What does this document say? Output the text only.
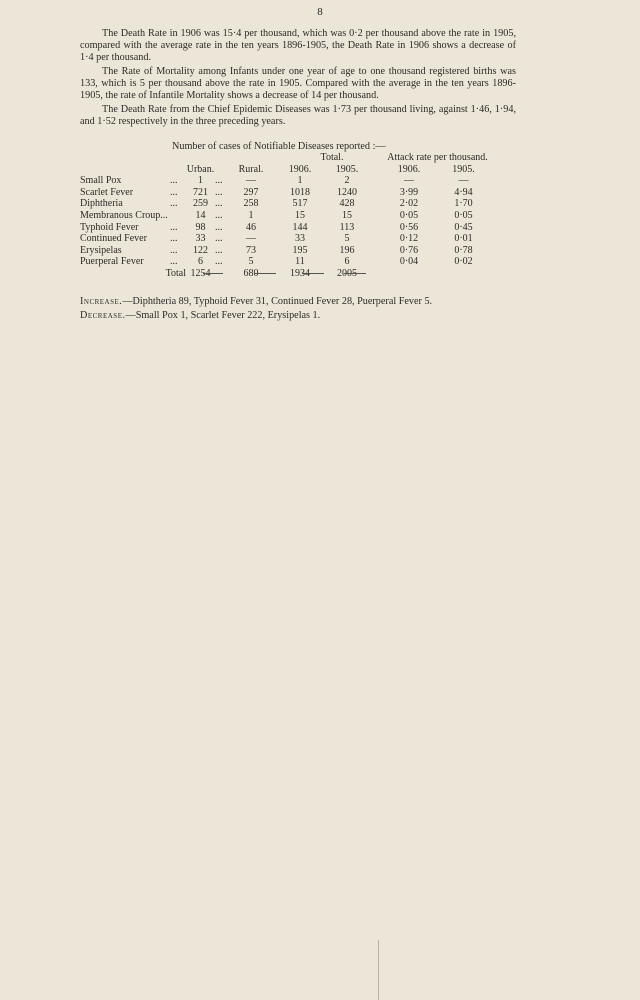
8

The Death Rate in 1906 was 15·4 per thousand, which was 0·2 per thousand above the rate in 1905, compared with the average rate in the ten years 1896-1905, the Death Rate in 1906 shows a decrease of 1·4 per thousand.

The Rate of Mortality among Infants under one year of age to one thousand registered births was 133, which is 5 per thousand above the rate in 1905. Compared with the average in the ten years 1896-1905, the rate of Infantile Mortality shows a decrease of 14 per thousand.

The Death Rate from the Chief Epidemic Diseases was 1·73 per thousand living, against 1·46, 1·94, and 1·52 respectively in the three preceding years.

Number of cases of Notifiable Diseases reported :—
						Total.			Attack rate per thousand.	
		Urban.		Rural.		1906.	1905.		1906.	1905.
Small Pox	...	1	...	—		1	2		—	—
Scarlet Fever	...	721	...	297		1018	1240		3·99	4·94
Diphtheria	...	259	...	258		517	428		2·02	1·70
Membranous Croup...		14	...	1		15	15		0·05	0·05
Typhoid Fever	...	98	...	46		144	113		0·56	0·45
Continued Fever	...	33	...	—		33	5		0·12	0·01
Erysipelas	...	122	...	73		195	196		0·76	0·78
Puerperal Fever	...	6	...	5		11	6		0·04	0·02
Total		1254		680		1934	2005			
Increase.—Diphtheria 89, Typhoid Fever 31, Continued Fever 28, Puerperal Fever 5.
Decrease.—Small Pox 1, Scarlet Fever 222, Erysipelas 1.
